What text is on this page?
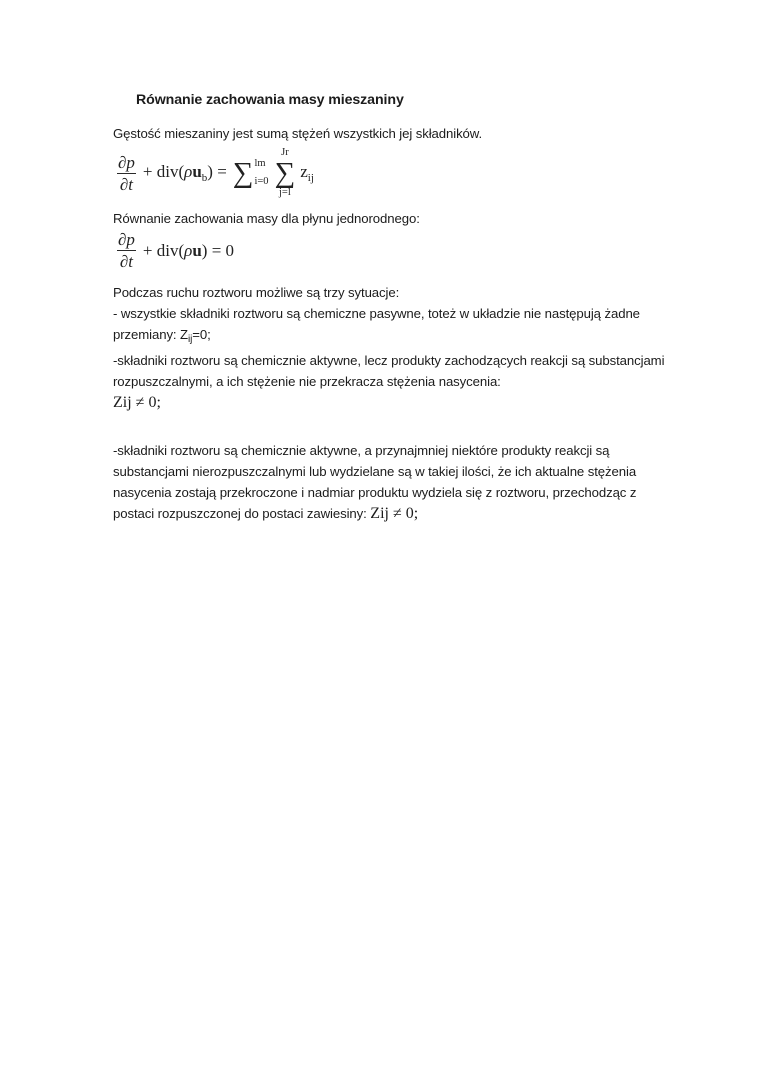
Równanie zachowania masy mieszaniny
Gęstość mieszaniny jest sumą stężeń wszystkich jej składników.
$\frac{\partial p}{\partial t} + div(\rho u_b)$ = ∑ lm
i=0
Jr
∑
j=l
$z_{ij}$
Równanie zachowania masy dla płynu jednorodnego:
$\frac{\partial p}{\partial t} + div(\rho u) = 0$
Podczas ruchu roztworu możliwe są trzy sytuacje:
- wszystkie składniki roztworu są chemiczne pasywne, toteż w układzie nie następują żadne
przemiany: $Z_{ij}=0$;
-składniki roztworu są chemicznie aktywne, lecz produkty zachodzących reakcji są substancjami
rozpuszczalnymi, a ich stężenie nie przekracza stężenia nasycenia:
Zij ≠ 0;
-składniki roztworu są chemicznie aktywne, a przynajmniej niektóre produkty reakcji są
substancjami nierozpuszczalnymi lub wydzielane są w takiej ilości, że ich aktualne stężenia
nasycenia zostają przekroczone i nadmiar produktu wydziela się z roztworu, przechodząc z
postaci rozpuszczonej do postaci zawiesiny: Zij ≠ 0;
